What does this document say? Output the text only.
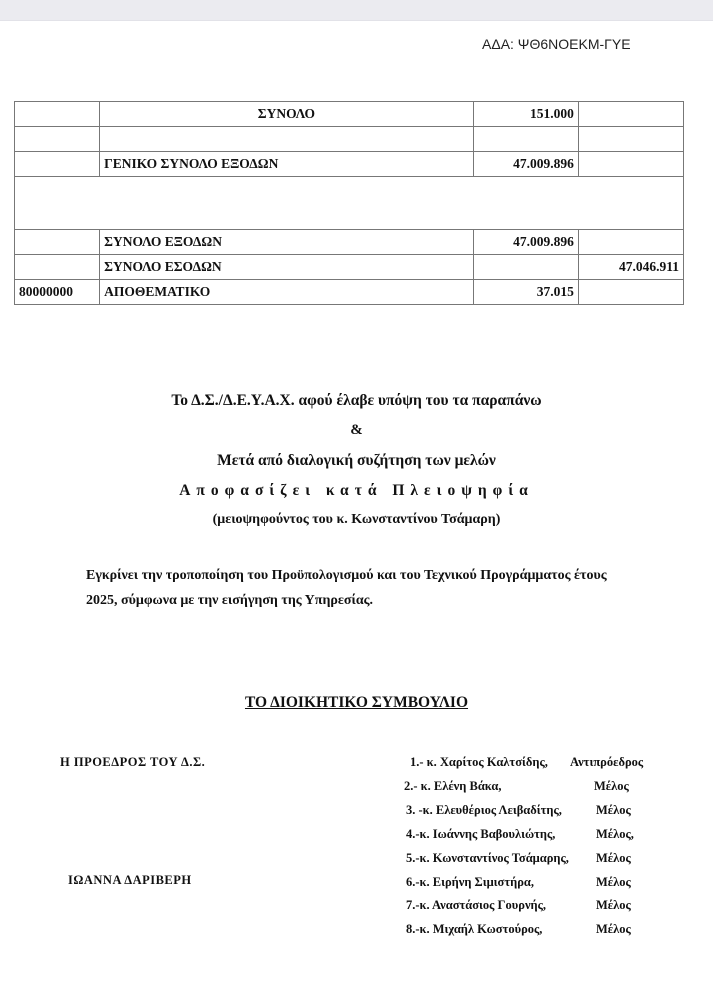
ΑΔΑ: ΨΘ6ΝΟΕΚΜ-ΓΥΕ
	ΣΥΝΟΛΟ	151.000	

	ΓΕΝΙΚΟ ΣΥΝΟΛΟ ΕΞΟΔΩΝ	47.009.896	

	ΣΥΝΟΛΟ ΕΞΟΔΩΝ	47.009.896	
	ΣΥΝΟΛΟ ΕΣΟΔΩΝ		47.046.911
80000000	ΑΠΟΘΕΜΑΤΙΚΟ	37.015	
Το Δ.Σ./Δ.Ε.Υ.Α.Χ. αφού έλαβε υπόψη του τα παραπάνω
&
Μετά από διαλογική συζήτηση των μελών
Αποφασίζει κατά Πλειοψηφία
(μειοψηφούντος του κ. Κωνσταντίνου Τσάμαρη)
Εγκρίνει την τροποποίηση του Προϋπολογισμού και του Τεχνικού Προγράμματος έτους
2025, σύμφωνα με την εισήγηση της Υπηρεσίας.
ΤΟ ΔΙΟΙΚΗΤΙΚΟ ΣΥΜΒΟΥΛΙΟ
Η ΠΡΟΕΔΡΟΣ ΤΟΥ Δ.Σ.
ΙΩΑΝΝΑ ΔΑΡΙΒΕΡΗ
1.- κ. Χαρίτος Καλτσίδης, Αντιπρόεδρος
2.- κ. Ελένη Βάκα,	Μέλος
3. -κ. Ελευθέριος Λειβαδίτης,	Μέλος
4.-κ. Ιωάννης Βαβουλιώτης,	Μέλος,
5.-κ. Κωνσταντίνος Τσάμαρης, Μέλος
6.-κ. Ειρήνη Σιμιστήρα,	Μέλος
7.-κ. Αναστάσιος Γουρνής,	Μέλος
8.-κ. Μιχαήλ Κωστούρος,	Μέλος
